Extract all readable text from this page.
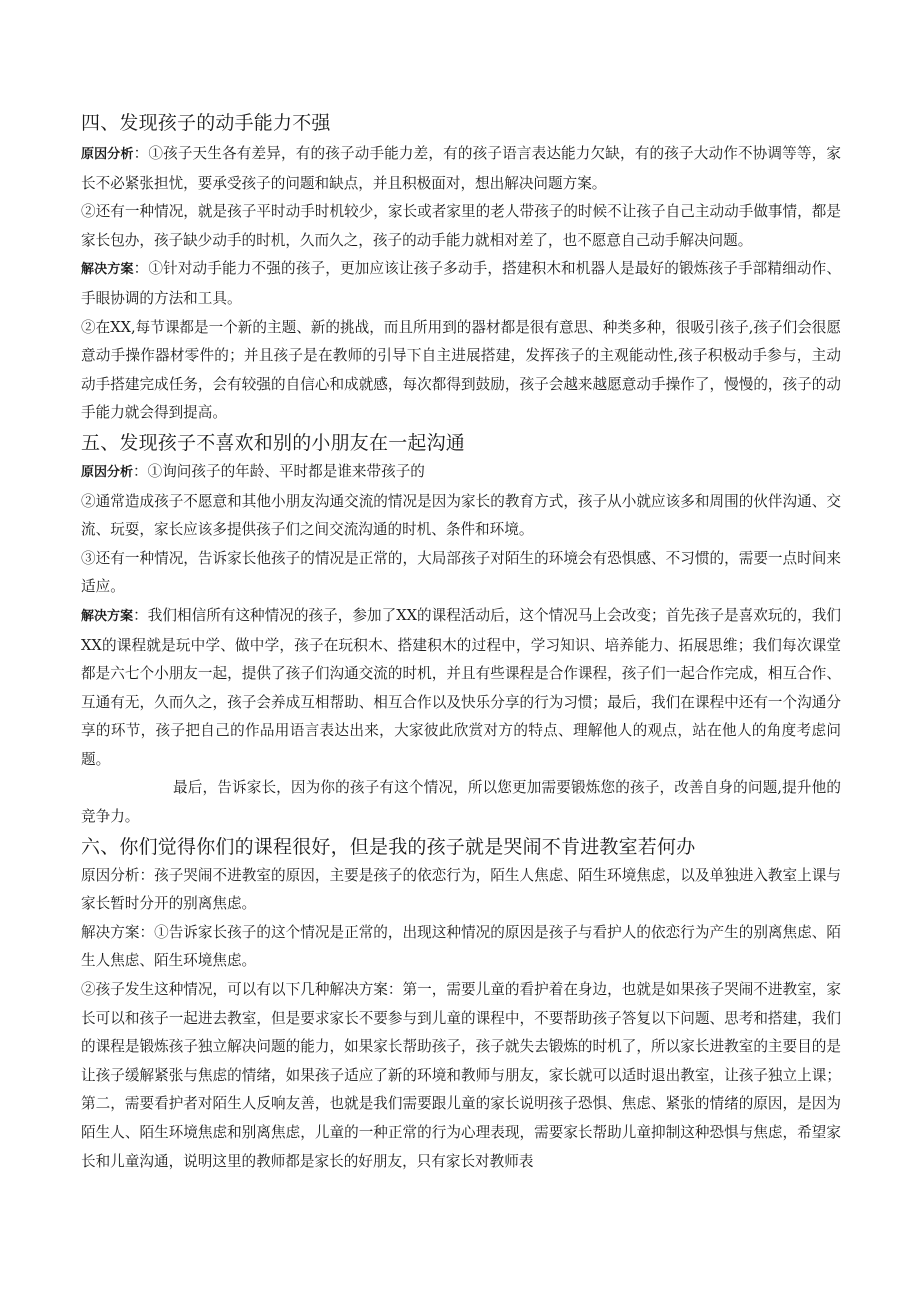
四、发现孩子的动手能力不强

原因分析：①孩子天生各有差异，有的孩子动手能力差，有的孩子语言表达能力欠缺，有的孩子大动作不协调等等，家长不必紧张担忧，要承受孩子的问题和缺点，并且积极面对，想出解决问题方案。

②还有一种情况，就是孩子平时动手时机较少，家长或者家里的老人带孩子的时候不让孩子自己主动动手做事情，都是家长包办，孩子缺少动手的时机，久而久之，孩子的动手能力就相对差了，也不愿意自己动手解决问题。

解决方案：①针对动手能力不强的孩子，更加应该让孩子多动手，搭建积木和机器人是最好的锻炼孩子手部精细动作、手眼协调的方法和工具。

②在XX,每节课都是一个新的主题、新的挑战，而且所用到的器材都是很有意思、种类多种，很吸引孩子,孩子们会很愿意动手操作器材零件的；并且孩子是在教师的引导下自主进展搭建，发挥孩子的主观能动性,孩子积极动手参与，主动动手搭建完成任务，会有较强的自信心和成就感，每次都得到鼓励，孩子会越来越愿意动手操作了，慢慢的，孩子的动手能力就会得到提高。

五、发现孩子不喜欢和别的小朋友在一起沟通

原因分析：①询问孩子的年龄、平时都是谁来带孩子的

②通常造成孩子不愿意和其他小朋友沟通交流的情况是因为家长的教育方式，孩子从小就应该多和周围的伙伴沟通、交流、玩耍，家长应该多提供孩子们之间交流沟通的时机、条件和环境。

③还有一种情况，告诉家长他孩子的情况是正常的，大局部孩子对陌生的环境会有恐惧感、不习惯的，需要一点时间来适应。

解决方案：我们相信所有这种情况的孩子，参加了XX的课程活动后，这个情况马上会改变；首先孩子是喜欢玩的，我们XX的课程就是玩中学、做中学，孩子在玩积木、搭建积木的过程中，学习知识、培养能力、拓展思维；我们每次课堂都是六七个小朋友一起，提供了孩子们沟通交流的时机，并且有些课程是合作课程，孩子们一起合作完成，相互合作、互通有无，久而久之，孩子会养成互相帮助、相互合作以及快乐分享的行为习惯；最后，我们在课程中还有一个沟通分享的环节，孩子把自己的作品用语言表达出来，大家彼此欣赏对方的特点、理解他人的观点，站在他人的角度考虑问题。

最后，告诉家长，因为你的孩子有这个情况，所以您更加需要锻炼您的孩子，改善自身的问题,提升他的竞争力。

六、你们觉得你们的课程很好，但是我的孩子就是哭闹不肯进教室若何办

原因分析：孩子哭闹不进教室的原因，主要是孩子的依恋行为，陌生人焦虑、陌生环境焦虑，以及单独进入教室上课与家长暂时分开的别离焦虑。

解决方案：①告诉家长孩子的这个情况是正常的，出现这种情况的原因是孩子与看护人的依恋行为产生的别离焦虑、陌生人焦虑、陌生环境焦虑。

②孩子发生这种情况，可以有以下几种解决方案：第一，需要儿童的看护着在身边，也就是如果孩子哭闹不进教室，家长可以和孩子一起进去教室，但是要求家长不要参与到儿童的课程中，不要帮助孩子答复以下问题、思考和搭建，我们的课程是锻炼孩子独立解决问题的能力，如果家长帮助孩子，孩子就失去锻炼的时机了，所以家长进教室的主要目的是让孩子缓解紧张与焦虑的情绪，如果孩子适应了新的环境和教师与朋友，家长就可以适时退出教室，让孩子独立上课；第二，需要看护者对陌生人反响友善，也就是我们需要跟儿童的家长说明孩子恐惧、焦虑、紧张的情绪的原因，是因为陌生人、陌生环境焦虑和别离焦虑，儿童的一种正常的行为心理表现，需要家长帮助儿童抑制这种恐惧与焦虑，希望家长和儿童沟通，说明这里的教师都是家长的好朋友，只有家长对教师表
